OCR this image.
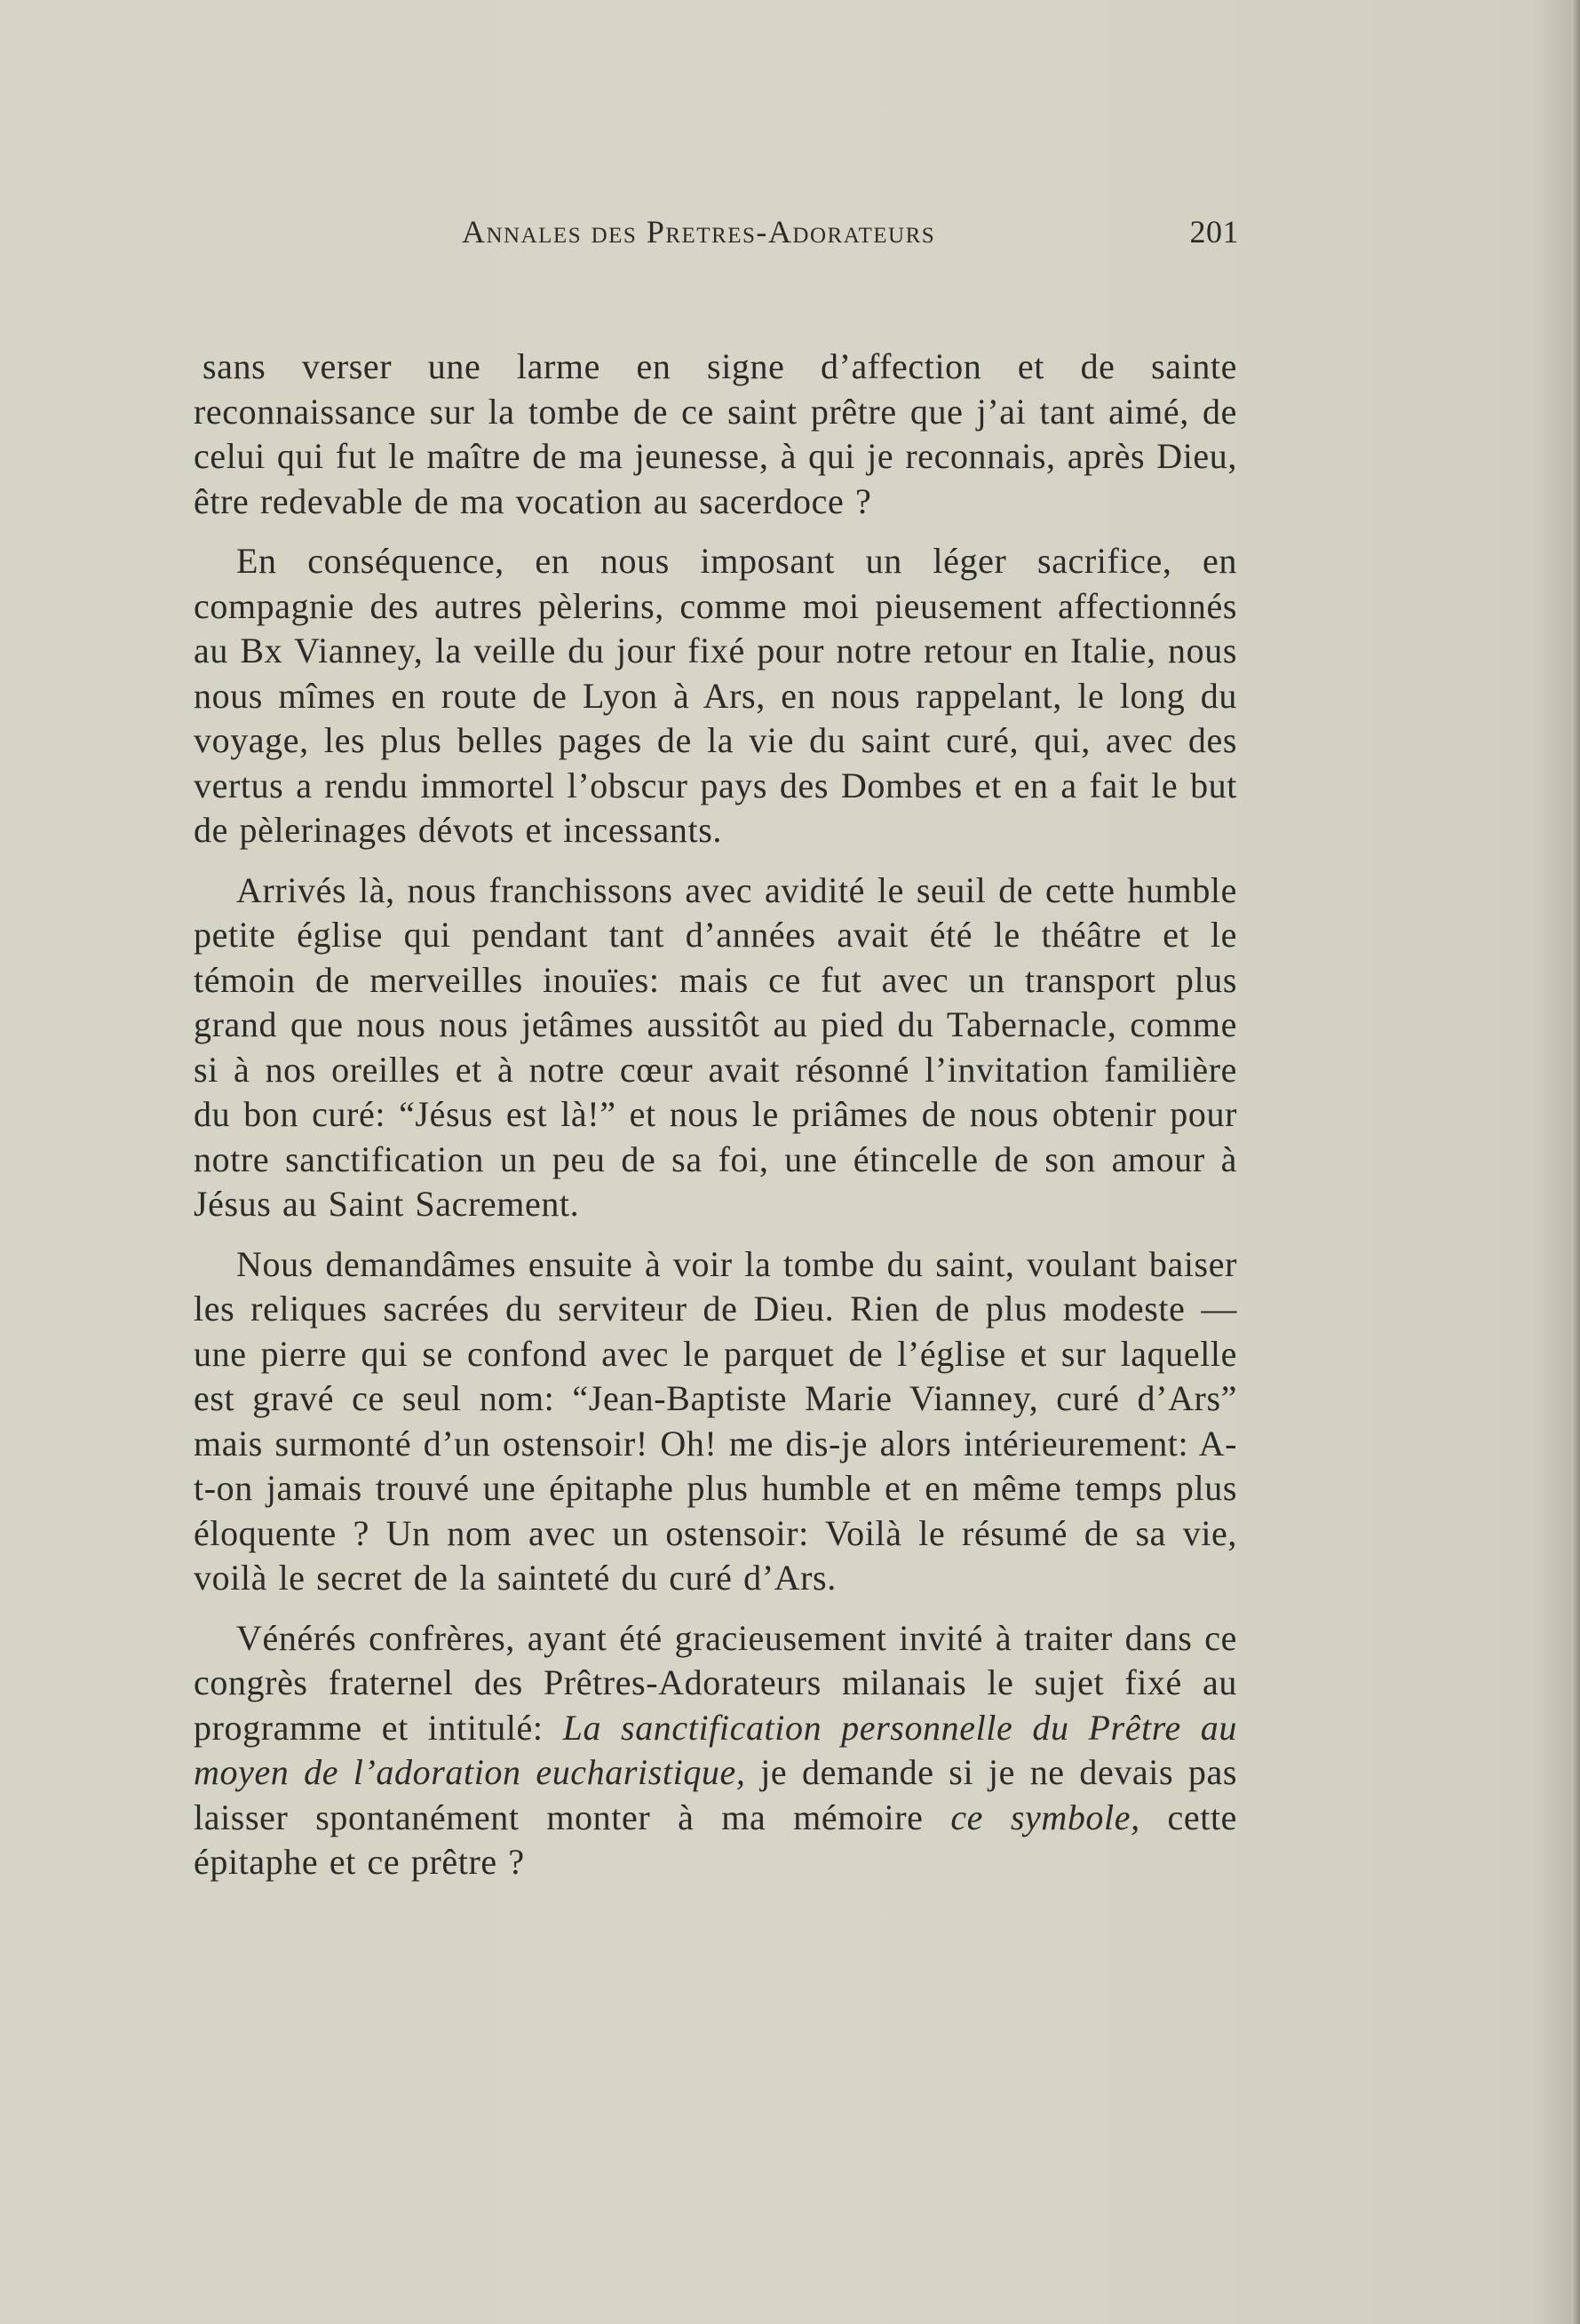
Annales des Pretres-Adorateurs	201

sans verser une larme en signe d’affection et de sainte reconnaissance sur la tombe de ce saint prêtre que j’ai tant aimé, de celui qui fut le maître de ma jeunesse, à qui je reconnais, après Dieu, être redevable de ma vocation au sacerdoce ?

En conséquence, en nous imposant un léger sacrifice, en compagnie des autres pèlerins, comme moi pieusement affectionnés au Bx Vianney, la veille du jour fixé pour notre retour en Italie, nous nous mîmes en route de Lyon à Ars, en nous rappelant, le long du voyage, les plus belles pages de la vie du saint curé, qui, avec des vertus a rendu immortel l’obscur pays des Dombes et en a fait le but de pèlerinages dévots et incessants.

Arrivés là, nous franchissons avec avidité le seuil de cette humble petite église qui pendant tant d’années avait été le théâtre et le témoin de merveilles inouïes: mais ce fut avec un transport plus grand que nous nous jetâmes aussitôt au pied du Tabernacle, comme si à nos oreilles et à notre cœur avait résonné l’invitation familière du bon curé: “Jésus est là!” et nous le priâmes de nous obtenir pour notre sanctification un peu de sa foi, une étincelle de son amour à Jésus au Saint Sacrement.

Nous demandâmes ensuite à voir la tombe du saint, voulant baiser les reliques sacrées du serviteur de Dieu. Rien de plus modeste — une pierre qui se confond avec le parquet de l’église et sur laquelle est gravé ce seul nom: “Jean-Baptiste Marie Vianney, curé d’Ars” mais surmonté d’un ostensoir! Oh! me dis-je alors intérieurement: A-t-on jamais trouvé une épitaphe plus humble et en même temps plus éloquente ? Un nom avec un ostensoir: Voilà le résumé de sa vie, voilà le secret de la sainteté du curé d’Ars.

Vénérés confrères, ayant été gracieusement invité à traiter dans ce congrès fraternel des Prêtres-Adorateurs milanais le sujet fixé au programme et intitulé: La sanctification personnelle du Prêtre au moyen de l’adoration eucharistique, je demande si je ne devais pas laisser spontanément monter à ma mémoire ce symbole, cette épitaphe et ce prêtre ?
